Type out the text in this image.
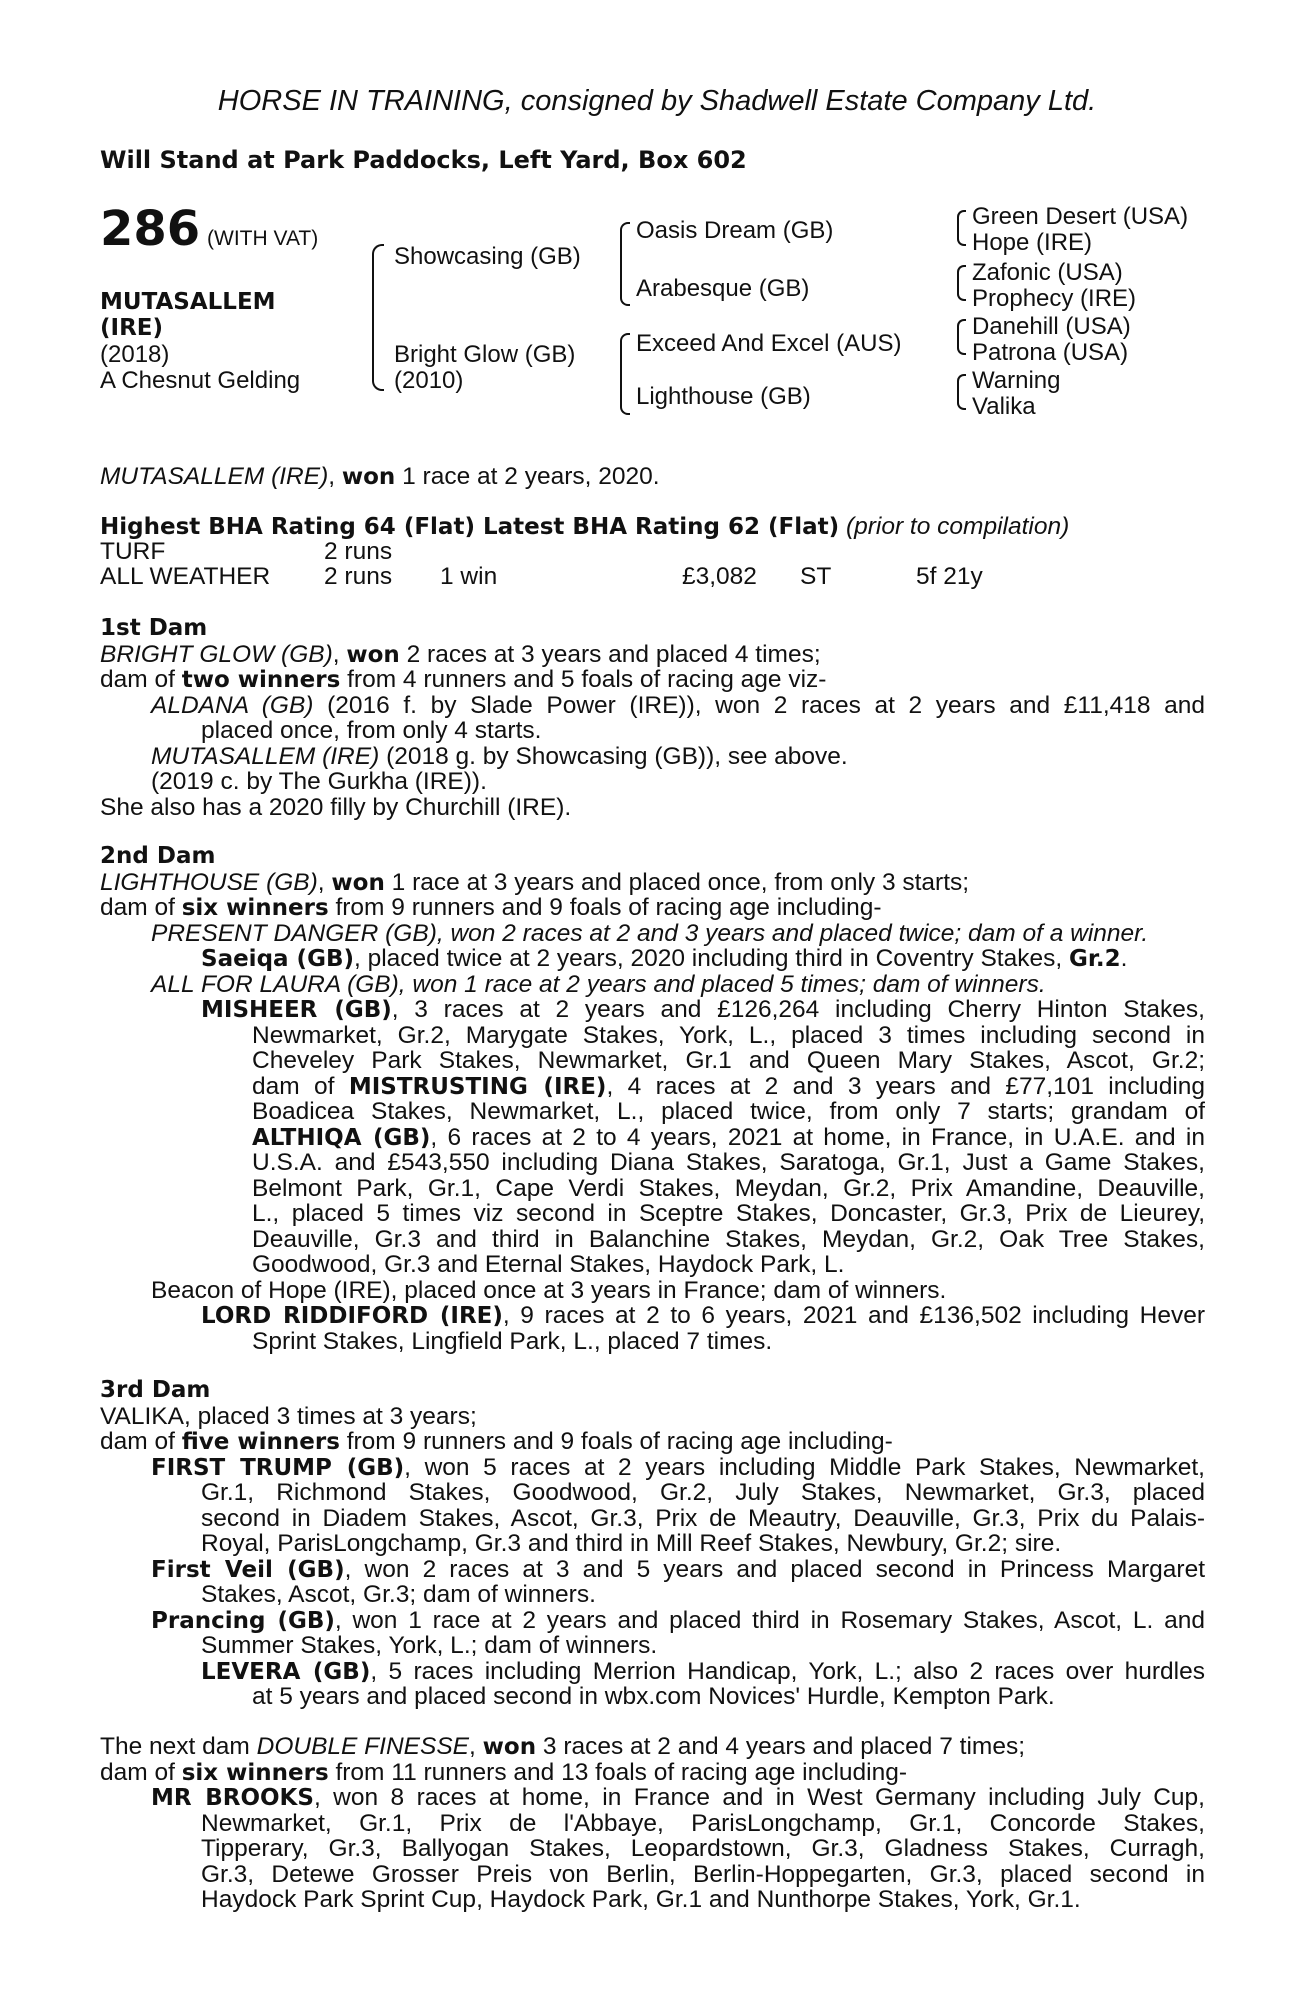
HORSE IN TRAINING, consigned by Shadwell Estate Company Ltd.
Will Stand at Park Paddocks, Left Yard, Box 602
286 (WITH VAT)
MUTASALLEM
(IRE)
(2018)
A Chesnut Gelding
Showcasing (GB)
Bright Glow (GB)
(2010)
Oasis Dream (GB)
Arabesque (GB)
Exceed And Excel (AUS)
Lighthouse (GB)
Green Desert (USA)
Hope (IRE)
Zafonic (USA)
Prophecy (IRE)
Danehill (USA)
Patrona (USA)
Warning
Valika
MUTASALLEM (IRE), won 1 race at 2 years, 2020.
Highest BHA Rating 64 (Flat) Latest BHA Rating 62 (Flat) (prior to compilation)
TURF	2 runs
ALL WEATHER 2 runs 1 win	£3,082 ST	5f 21y
1st Dam
BRIGHT GLOW (GB), won 2 races at 3 years and placed 4 times;
dam of two winners from 4 runners and 5 foals of racing age viz-
ALDANA (GB) (2016 f. by Slade Power (IRE)), won 2 races at 2 years and £11,418 and
placed once, from only 4 starts.
MUTASALLEM (IRE) (2018 g. by Showcasing (GB)), see above.
(2019 c. by The Gurkha (IRE)).
She also has a 2020 filly by Churchill (IRE).
2nd Dam
LIGHTHOUSE (GB), won 1 race at 3 years and placed once, from only 3 starts;
dam of six winners from 9 runners and 9 foals of racing age including-
PRESENT DANGER (GB), won 2 races at 2 and 3 years and placed twice; dam of a winner.
Saeiqa (GB), placed twice at 2 years, 2020 including third in Coventry Stakes, Gr.2.
ALL FOR LAURA (GB), won 1 race at 2 years and placed 5 times; dam of winners.
MISHEER (GB), 3 races at 2 years and £126,264 including Cherry Hinton Stakes,
Newmarket, Gr.2, Marygate Stakes, York, L., placed 3 times including second in
Cheveley Park Stakes, Newmarket, Gr.1 and Queen Mary Stakes, Ascot, Gr.2;
dam of MISTRUSTING (IRE), 4 races at 2 and 3 years and £77,101 including
Boadicea Stakes, Newmarket, L., placed twice, from only 7 starts; grandam of
ALTHIQA (GB), 6 races at 2 to 4 years, 2021 at home, in France, in U.A.E. and in
U.S.A. and £543,550 including Diana Stakes, Saratoga, Gr.1, Just a Game Stakes,
Belmont Park, Gr.1, Cape Verdi Stakes, Meydan, Gr.2, Prix Amandine, Deauville,
L., placed 5 times viz second in Sceptre Stakes, Doncaster, Gr.3, Prix de Lieurey,
Deauville, Gr.3 and third in Balanchine Stakes, Meydan, Gr.2, Oak Tree Stakes,
Goodwood, Gr.3 and Eternal Stakes, Haydock Park, L.
Beacon of Hope (IRE), placed once at 3 years in France; dam of winners.
LORD RIDDIFORD (IRE), 9 races at 2 to 6 years, 2021 and £136,502 including Hever
Sprint Stakes, Lingfield Park, L., placed 7 times.
3rd Dam
VALIKA, placed 3 times at 3 years;
dam of five winners from 9 runners and 9 foals of racing age including-
FIRST TRUMP (GB), won 5 races at 2 years including Middle Park Stakes, Newmarket,
Gr.1, Richmond Stakes, Goodwood, Gr.2, July Stakes, Newmarket, Gr.3, placed
second in Diadem Stakes, Ascot, Gr.3, Prix de Meautry, Deauville, Gr.3, Prix du Palais-
Royal, ParisLongchamp, Gr.3 and third in Mill Reef Stakes, Newbury, Gr.2; sire.
First Veil (GB), won 2 races at 3 and 5 years and placed second in Princess Margaret
Stakes, Ascot, Gr.3; dam of winners.
Prancing (GB), won 1 race at 2 years and placed third in Rosemary Stakes, Ascot, L. and
Summer Stakes, York, L.; dam of winners.
LEVERA (GB), 5 races including Merrion Handicap, York, L.; also 2 races over hurdles
at 5 years and placed second in wbx.com Novices' Hurdle, Kempton Park.
The next dam DOUBLE FINESSE, won 3 races at 2 and 4 years and placed 7 times;
dam of six winners from 11 runners and 13 foals of racing age including-
MR BROOKS, won 8 races at home, in France and in West Germany including July Cup,
Newmarket, Gr.1, Prix de l'Abbaye, ParisLongchamp, Gr.1, Concorde Stakes,
Tipperary, Gr.3, Ballyogan Stakes, Leopardstown, Gr.3, Gladness Stakes, Curragh,
Gr.3, Detewe Grosser Preis von Berlin, Berlin-Hoppegarten, Gr.3, placed second in
Haydock Park Sprint Cup, Haydock Park, Gr.1 and Nunthorpe Stakes, York, Gr.1.
